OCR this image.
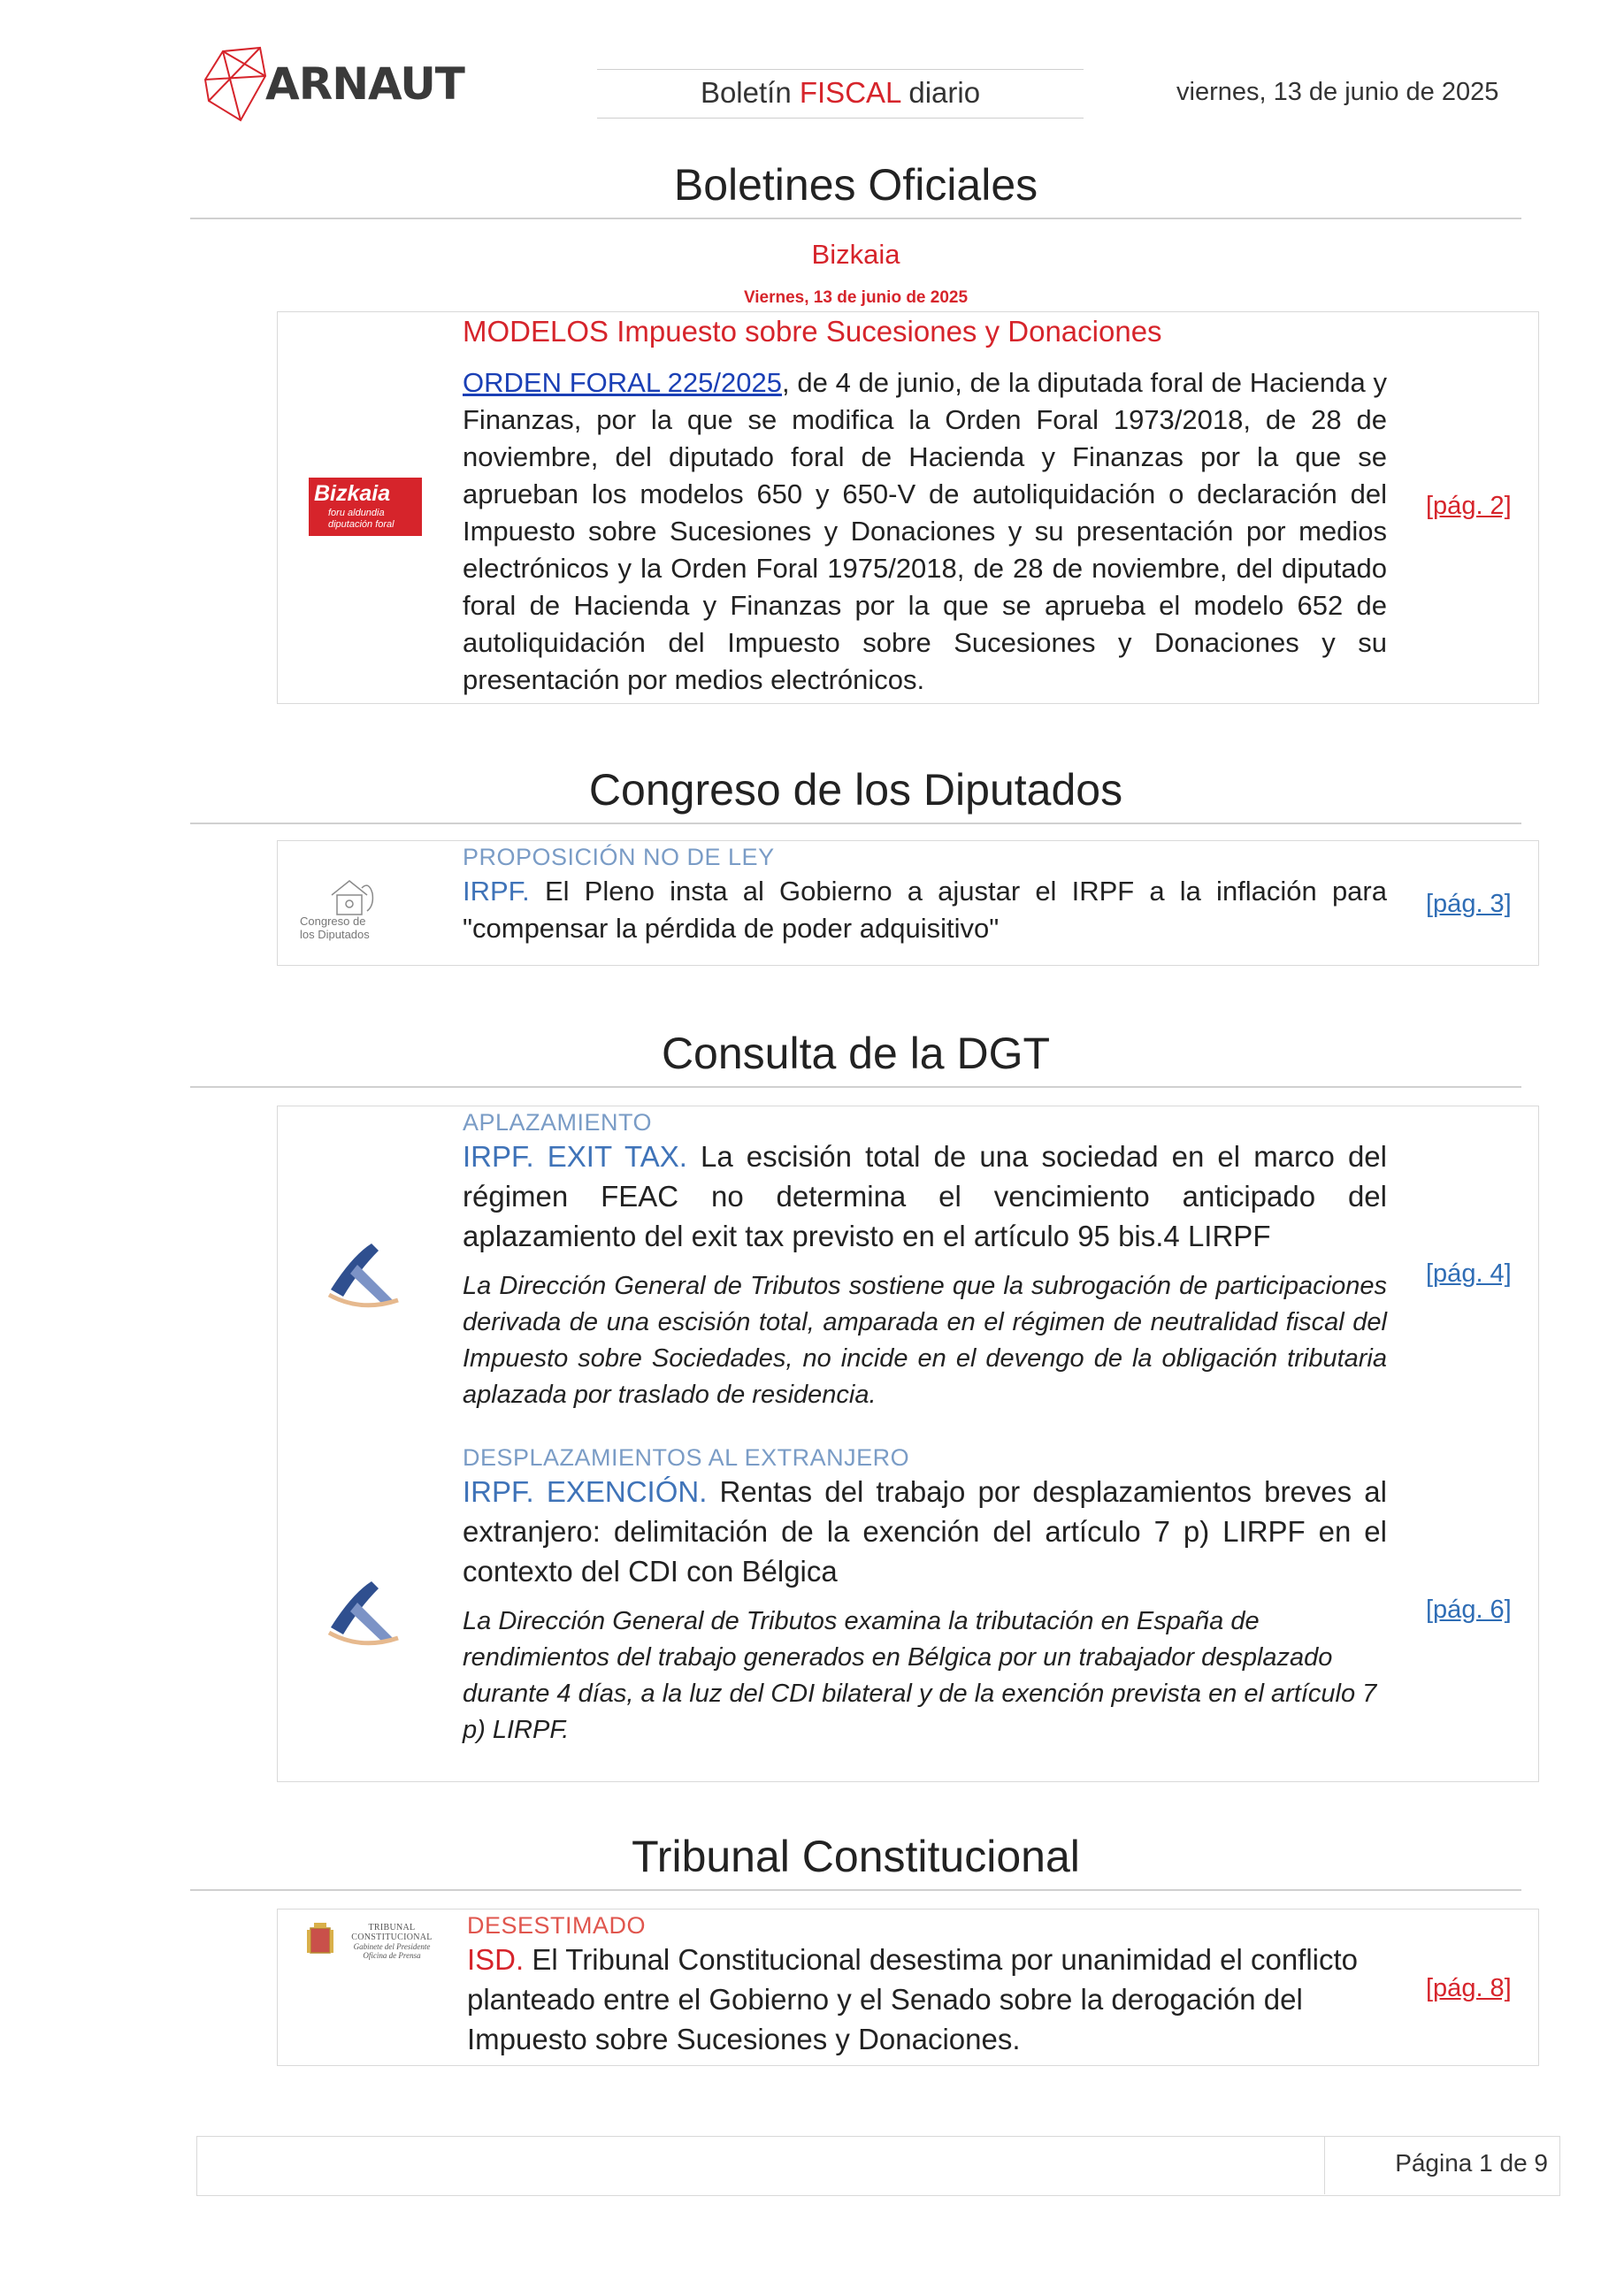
ARNAUT	Boletín FISCAL diario	viernes, 13 de junio de 2025
Boletines Oficiales
Bizkaia
Viernes, 13 de junio de 2025
Bizkaia
foru aldundia
diputación foral
MODELOS Impuesto sobre Sucesiones y Donaciones
ORDEN FORAL 225/2025, de 4 de junio, de la diputada foral de Hacienda y Finanzas, por la que se modifica la Orden Foral 1973/2018, de 28 de noviembre, del diputado foral de Hacienda y Finanzas por la que se aprueban los modelos 650 y 650-V de autoliquidación o declaración del Impuesto sobre Sucesiones y Donaciones y su presentación por medios electrónicos y la Orden Foral 1975/2018, de 28 de noviembre, del diputado foral de Hacienda y Finanzas por la que se aprueba el modelo 652 de autoliquidación del Impuesto sobre Sucesiones y Donaciones y su presentación por medios electrónicos.
[pág. 2]
Congreso de los Diputados
Congreso de
los Diputados
PROPOSICIÓN NO DE LEY
IRPF. El Pleno insta al Gobierno a ajustar el IRPF a la inflación para "compensar la pérdida de poder adquisitivo"
[pág. 3]
Consulta de la DGT
APLAZAMIENTO
IRPF. EXIT TAX. La escisión total de una sociedad en el marco del régimen FEAC no determina el vencimiento anticipado del aplazamiento del exit tax previsto en el artículo 95 bis.4 LIRPF
La Dirección General de Tributos sostiene que la subrogación de participaciones derivada de una escisión total, amparada en el régimen de neutralidad fiscal del Impuesto sobre Sociedades, no incide en el devengo de la obligación tributaria aplazada por traslado de residencia.
[pág. 4]
DESPLAZAMIENTOS AL EXTRANJERO
IRPF. EXENCIÓN. Rentas del trabajo por desplazamientos breves al extranjero: delimitación de la exención del artículo 7 p) LIRPF en el contexto del CDI con Bélgica
La Dirección General de Tributos examina la tributación en España de rendimientos del trabajo generados en Bélgica por un trabajador desplazado durante 4 días, a la luz del CDI bilateral y de la exención prevista en el artículo 7 p) LIRPF.
[pág. 6]
Tribunal Constitucional
TRIBUNAL CONSTITUCIONAL
Gabinete del Presidente
Oficina de Prensa
DESESTIMADO
ISD. El Tribunal Constitucional desestima por unanimidad el conflicto planteado entre el Gobierno y el Senado sobre la derogación del Impuesto sobre Sucesiones y Donaciones.
[pág. 8]
Página 1 de 9
